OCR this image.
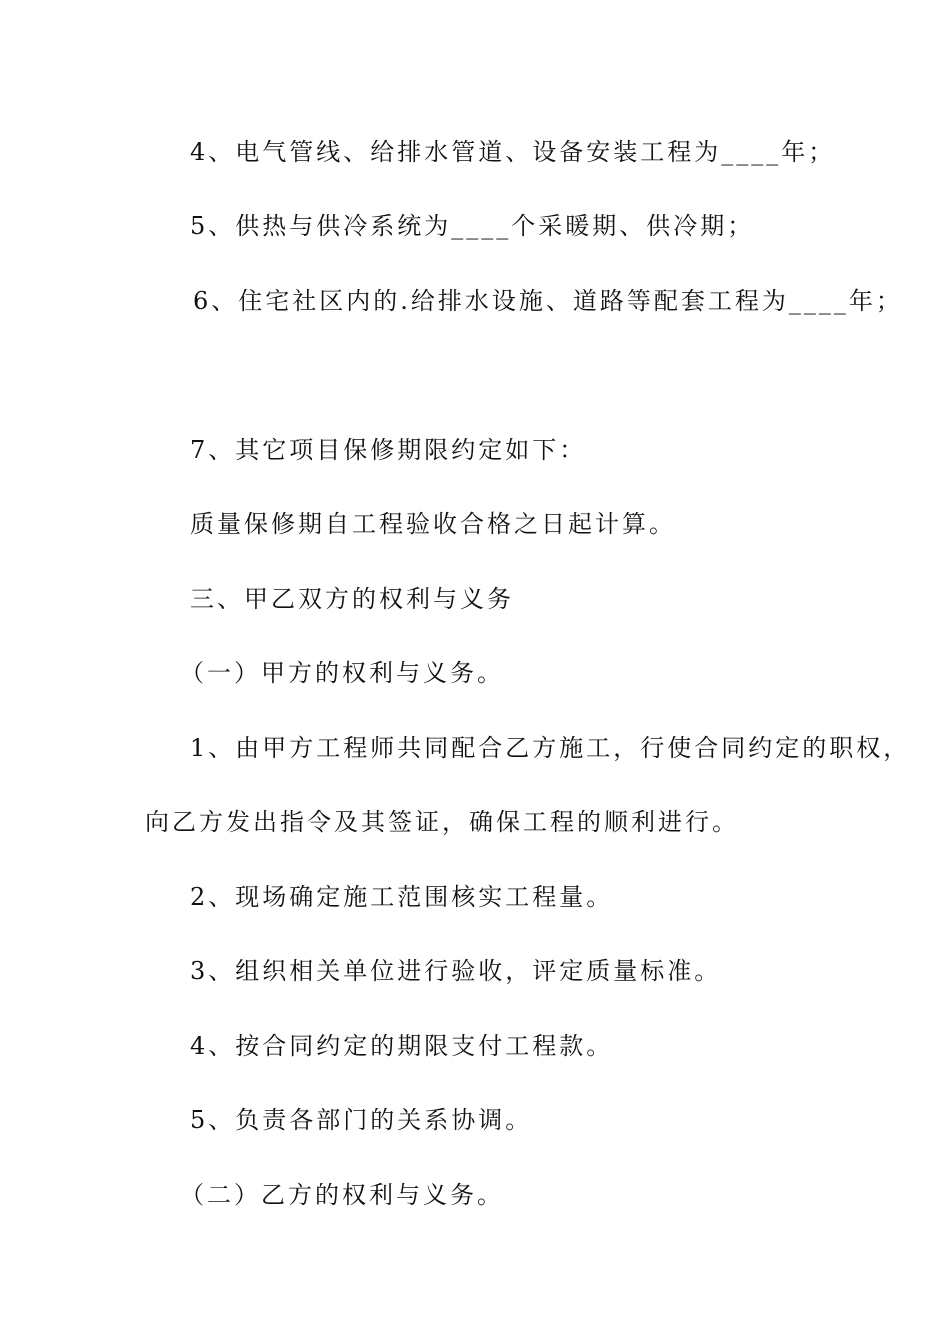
4、电气管线、给排水管道、设备安装工程为____年；
5、供热与供冷系统为____个采暖期、供冷期；
6、住宅社区内的.给排水设施、道路等配套工程为____年；
7、其它项目保修期限约定如下：
质量保修期自工程验收合格之日起计算。
三、甲乙双方的权利与义务
（一）甲方的权利与义务。
1、由甲方工程师共同配合乙方施工，行使合同约定的职权，
向乙方发出指令及其签证，确保工程的顺利进行。
2、现场确定施工范围核实工程量。
3、组织相关单位进行验收，评定质量标准。
4、按合同约定的期限支付工程款。
5、负责各部门的关系协调。
（二）乙方的权利与义务。
